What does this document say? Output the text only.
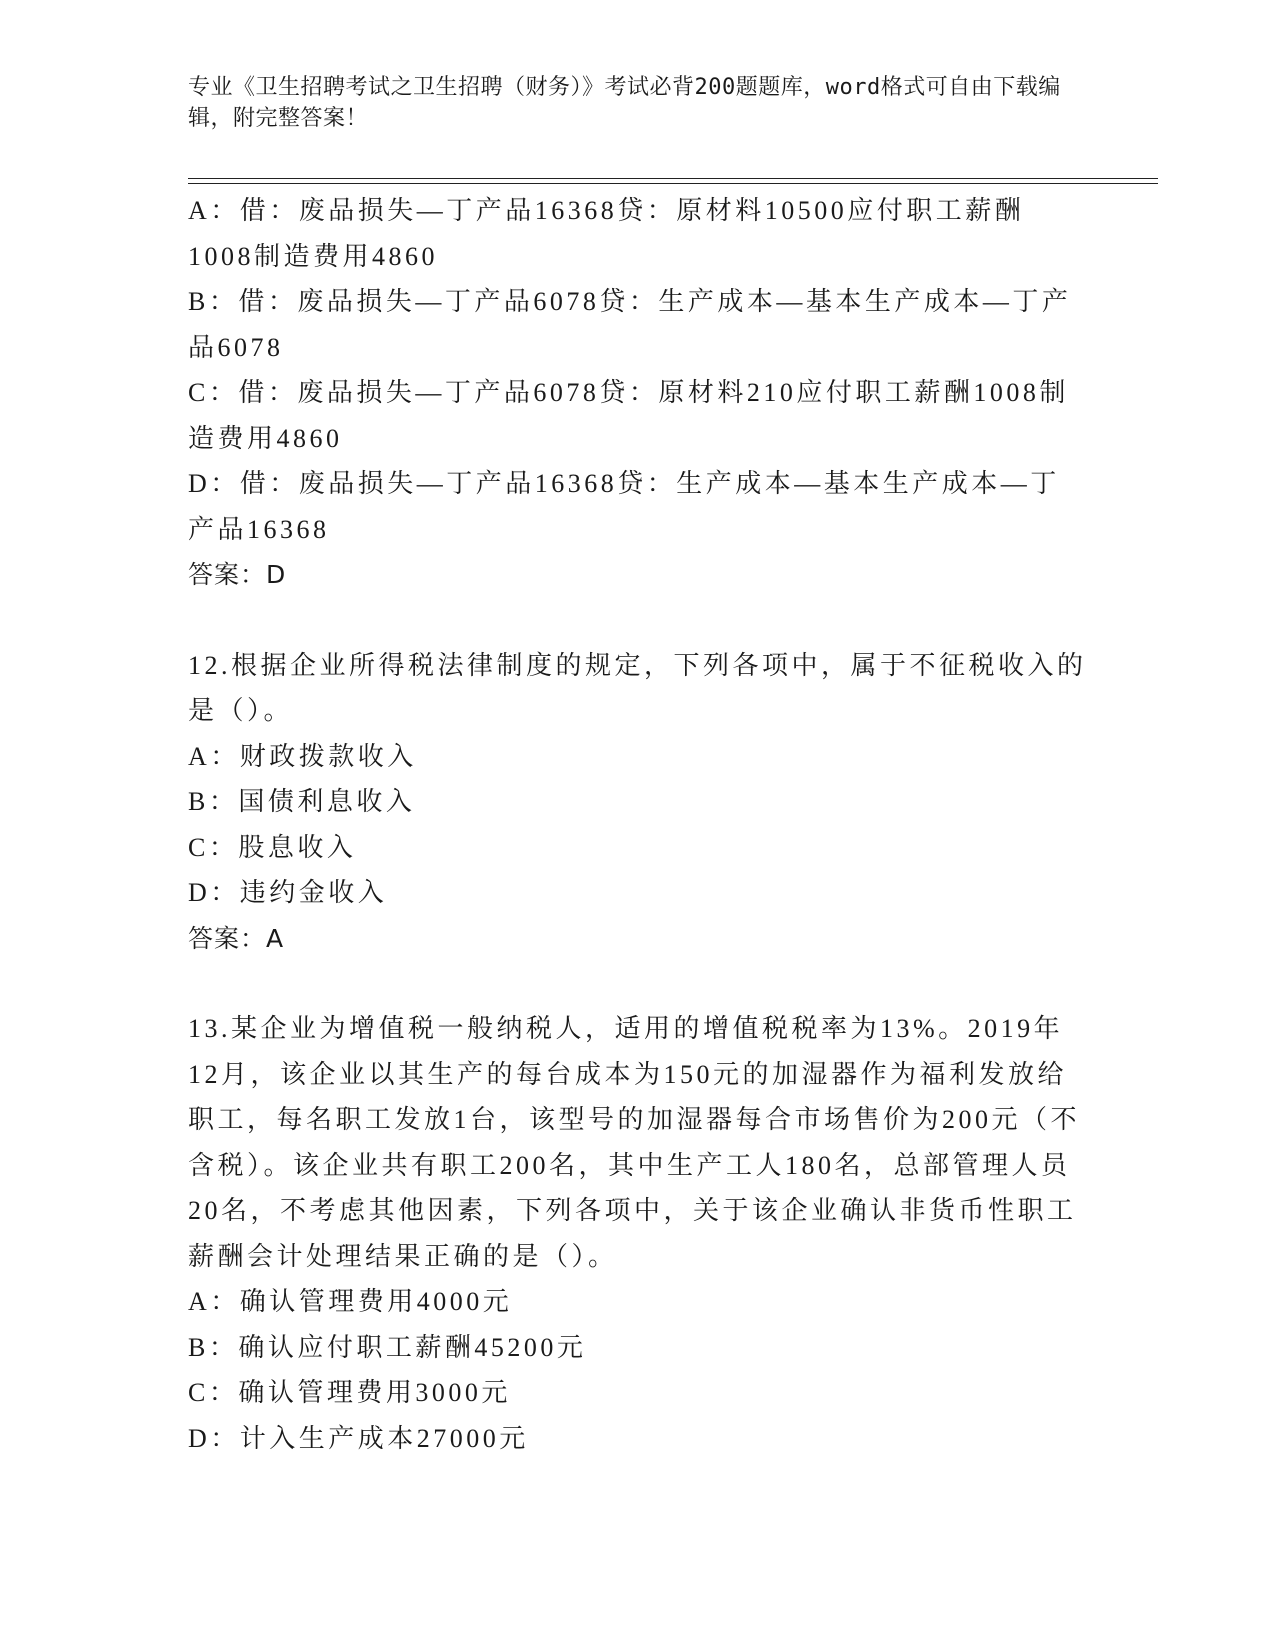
专业《卫生招聘考试之卫生招聘（财务）》考试必背200题题库，word格式可自由下载编辑，附完整答案！

A：借：废品损失—丁产品16368贷：原材料10500应付职工薪酬1008制造费用4860

B：借：废品损失—丁产品6078贷：生产成本—基本生产成本—丁产品6078

C：借：废品损失—丁产品6078贷：原材料210应付职工薪酬1008制造费用4860

D：借：废品损失—丁产品16368贷：生产成本—基本生产成本—丁产品16368

答案：D

12.根据企业所得税法律制度的规定，下列各项中，属于不征税收入的是（）。

A：财政拨款收入

B：国债利息收入

C：股息收入

D：违约金收入

答案：A

13.某企业为增值税一般纳税人，适用的增值税税率为13%。2019年12月，该企业以其生产的每台成本为150元的加湿器作为福利发放给职工，每名职工发放1台，该型号的加湿器每合市场售价为200元（不含税）。该企业共有职工200名，其中生产工人180名，总部管理人员20名，不考虑其他因素，下列各项中，关于该企业确认非货币性职工薪酬会计处理结果正确的是（）。

A：确认管理费用4000元

B：确认应付职工薪酬45200元

C：确认管理费用3000元

D：计入生产成本27000元
